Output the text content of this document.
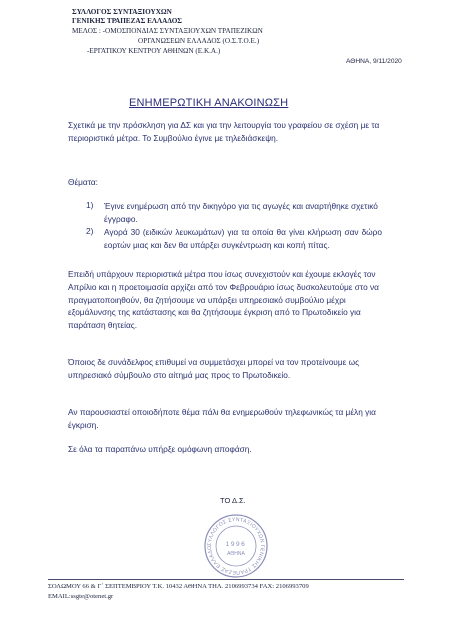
ΣΥΛΛΟΓΟΣ ΣΥΝΤΑΞΙΟΥΧΩΝ
ΓΕΝΙΚΗΣ ΤΡΑΠΕΖΑΣ ΕΛΛΑΔΟΣ
ΜΕΛΟΣ : -ΟΜΟΣΠΟΝΔΙΑΣ ΣΥΝΤΑΞΙΟΥΧΩΝ ΤΡΑΠΕΖΙΚΩΝ
ΟΡΓΑΝΩΣΕΩΝ ΕΛΛΑΔΟΣ (Ο.Σ.Τ.Ο.Ε.)
-ΕΡΓΑΤΙΚΟΥ ΚΕΝΤΡΟΥ ΑΘΗΝΩΝ (Ε.Κ.Α.)
ΑΘΗΝΑ, 9/11/2020
ΕΝΗΜΕΡΩΤΙΚΗ ΑΝΑΚΟΙΝΩΣΗ
Σχετικά με την πρόσκληση για ΔΣ και για την λειτουργία του γραφείου σε σχέση με τα περιοριστικά μέτρα. Το Συμβούλιο έγινε με τηλεδιάσκεψη.
Θέματα:
1) Έγινε ενημέρωση από την δικηγόρο για τις αγωγές και αναρτήθηκε σχετικό έγγραφο.
2) Αγορά 30 (ειδικών λευκωμάτων) για τα οποία θα γίνει κλήρωση σαν δώρο εορτών μιας και δεν θα υπάρξει συγκέντρωση και κοπή πίτας.
Επειδή υπάρχουν περιοριστικά μέτρα που ίσως συνεχιστούν και έχουμε εκλογές τον Απρίλιο και η προετοιμασία αρχίζει από τον Φεβρουάριο ίσως δυσκολευτούμε στο να πραγματοποιηθούν, θα ζητήσουμε να υπάρξει υπηρεσιακό συμβούλιο μέχρι εξομάλυνσης της κατάστασης και θα ζητήσουμε έγκριση από το Πρωτοδικείο για παράταση θητείας.
Όποιος δε συνάδελφος επιθυμεί να συμμετάσχει μπορεί να τον προτείνουμε ως υπηρεσιακό σύμβουλο στο αίτημά μας προς το Πρωτοδικείο.
Αν παρουσιαστεί οποιοδήποτε θέμα πάλι θα ενημερωθούν τηλεφωνικώς τα μέλη για έγκριση.
Σε όλα τα παραπάνω υπήρξε ομόφωνη αποφάση.
ΤΟ Δ.Σ.
ΣΥΛΛΟΓΟΣ ΣΥΝΤΑΞΙΟΥΧΩΝ ΓΕΝΙΚΗΣ ΤΡΑΠΕΖΑΣ ΕΛΛΑΔΟ	1996
ΑΘΗΝΑ
ΣΟΛΩΜΟΥ 66 & Γ΄ ΣΕΠΤΕΜΒΡΙΟΥ Τ.Κ. 10432 ΑΘΗΝΑ ΤΗΛ. 2106993734 FAX: 2106993709
EMAIL:ssgte@otenet.gr
